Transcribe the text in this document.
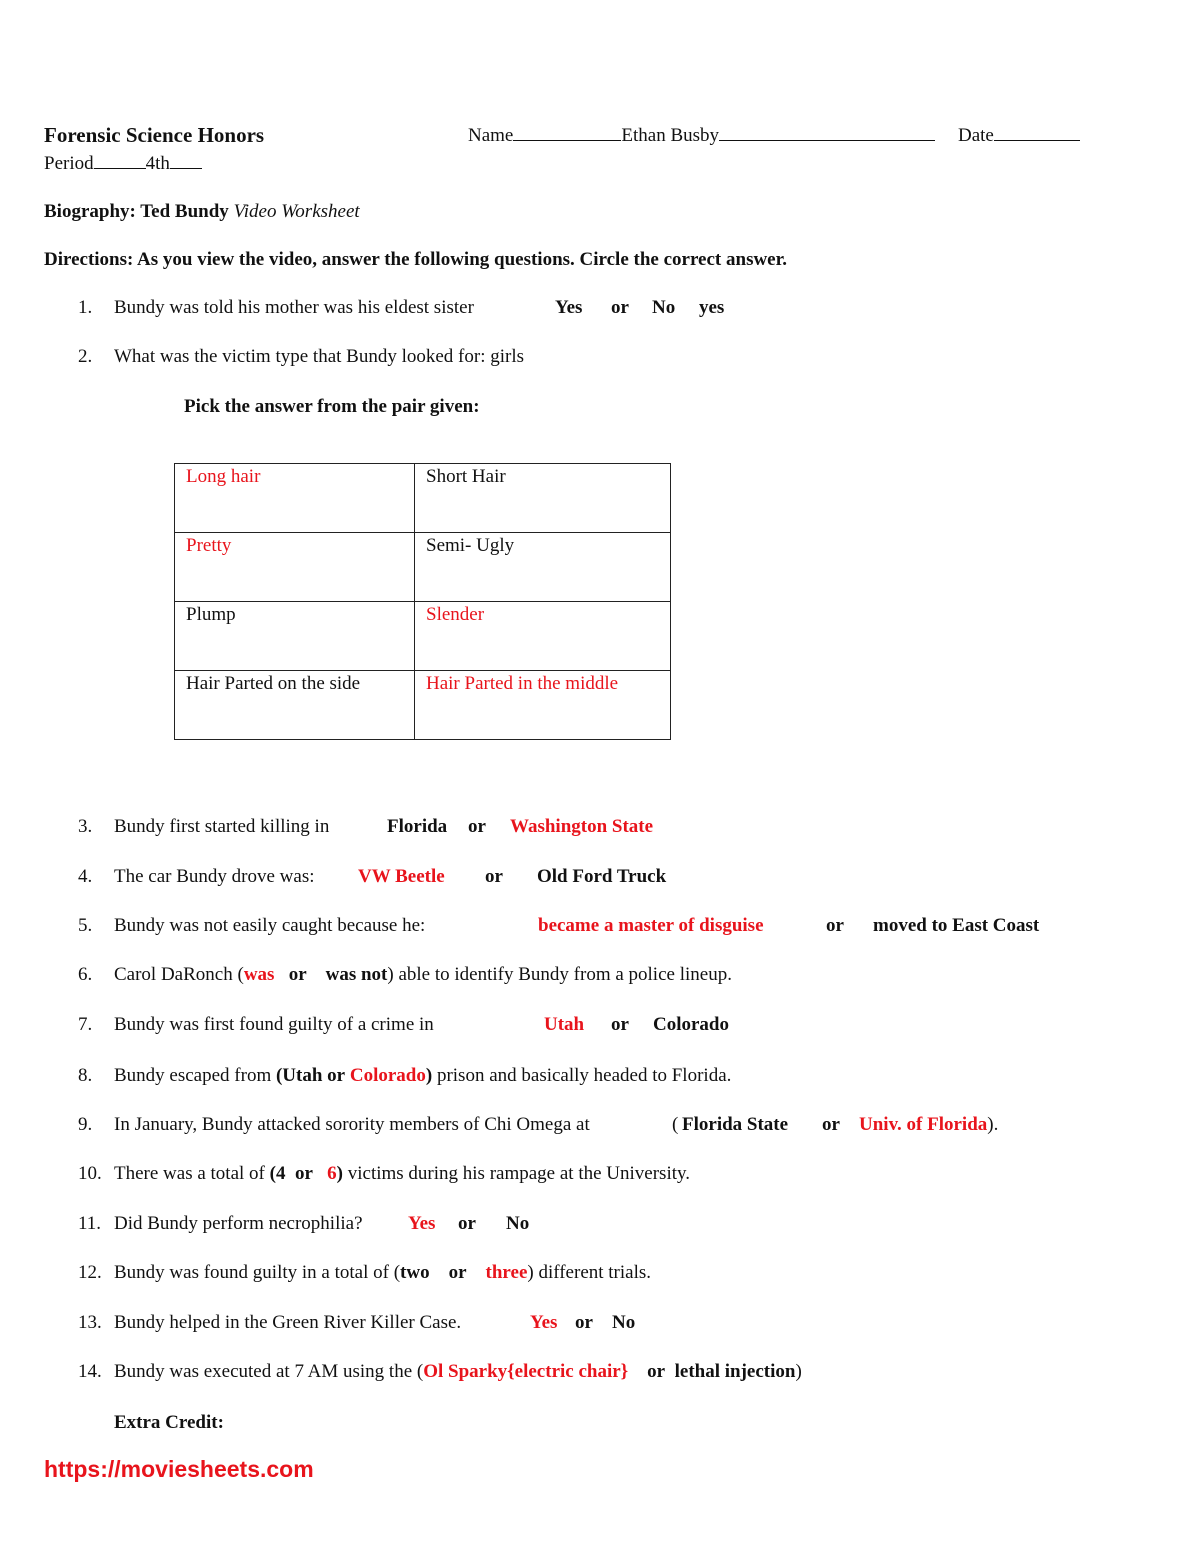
Forensic Science Honors	Name	Ethan Busby	Date
Period	4th
Biography: Ted Bundy Video Worksheet
Directions: As you view the video, answer the following questions. Circle the correct answer.
1. Bundy was told his mother was his eldest sister	Yes or No yes
2. What was the victim type that Bundy looked for: girls
Pick the answer from the pair given:
Long hair	Short Hair
Pretty	Semi- Ugly
Plump	Slender
Hair Parted on the side	Hair Parted in the middle
3. Bundy first started killing in	Florida or Washington State
4. The car Bundy drove was: VW Beetle or Old Ford Truck
5. Bundy was not easily caught because he:	became a master of disguise	or moved to East Coast
6. Carol DaRonch (was or was not) able to identify Bundy from a police lineup.
7. Bundy was first found guilty of a crime in	Utah or Colorado
8. Bundy escaped from (Utah or Colorado) prison and basically headed to Florida.
9. In January, Bundy attacked sorority members of Chi Omega at	( Florida State or Univ. of Florida).
10. There was a total of (4 or 6) victims during his rampage at the University.
11. Did Bundy perform necrophilia? Yes or No
12. Bundy was found guilty in a total of (two or three) different trials.
13. Bundy helped in the Green River Killer Case.	Yes or No
14. Bundy was executed at 7 AM using the (Ol Sparky{electric chair} or lethal injection)
Extra Credit:
https://moviesheets.com
